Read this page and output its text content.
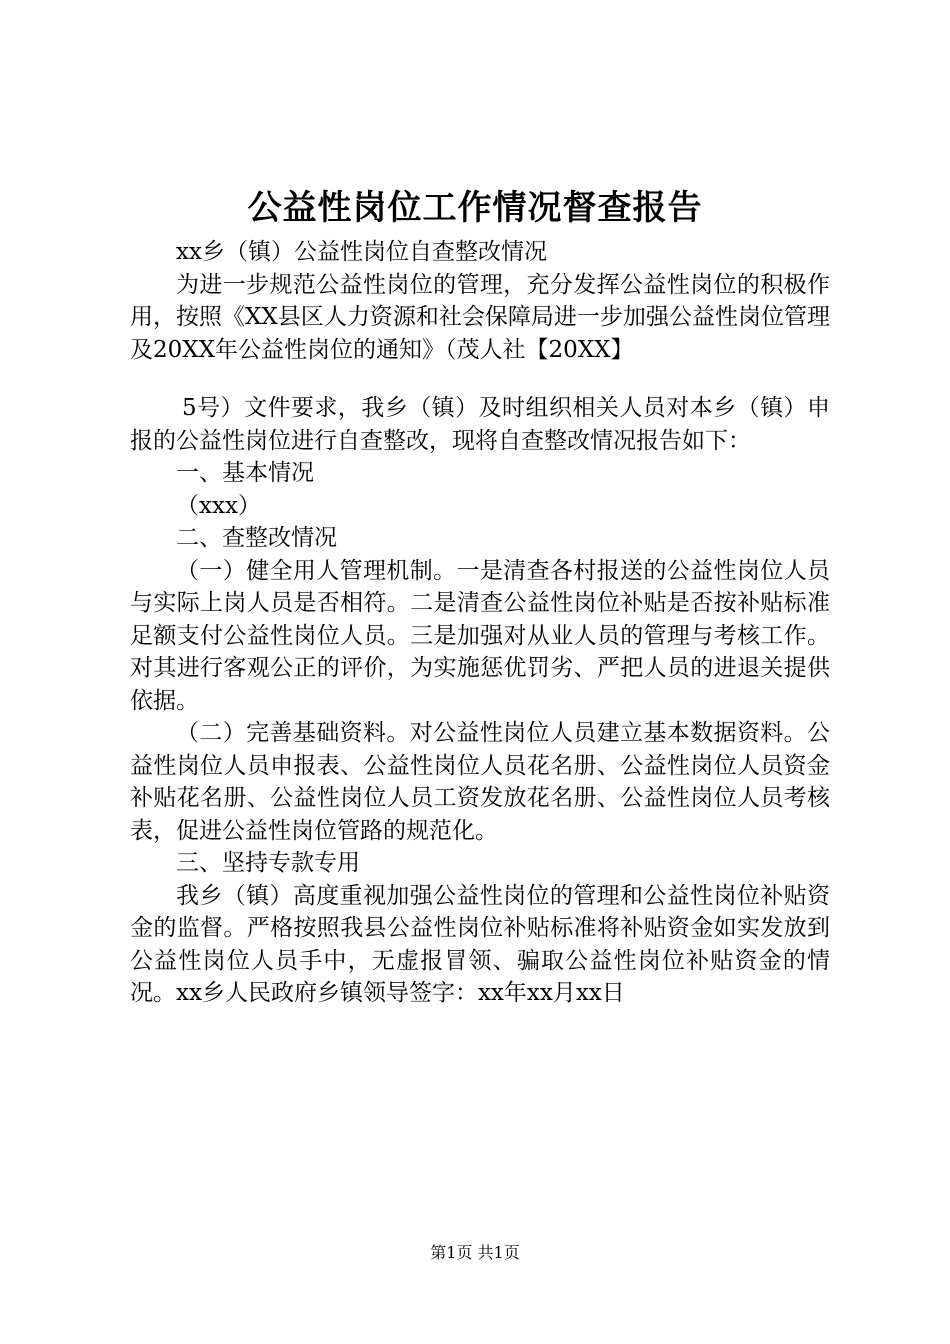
公益性岗位工作情况督查报告

xx乡（镇）公益性岗位自查整改情况

为进一步规范公益性岗位的管理，充分发挥公益性岗位的积极作用，按照《XX县区人力资源和社会保障局进一步加强公益性岗位管理及20XX年公益性岗位的通知》（茂人社【20XX】

5号）文件要求，我乡（镇）及时组织相关人员对本乡（镇）申报的公益性岗位进行自查整改，现将自查整改情况报告如下：

一、基本情况

（xxx）

二、查整改情况

（一）健全用人管理机制。一是清查各村报送的公益性岗位人员与实际上岗人员是否相符。二是清查公益性岗位补贴是否按补贴标准足额支付公益性岗位人员。三是加强对从业人员的管理与考核工作。对其进行客观公正的评价，为实施惩优罚劣、严把人员的进退关提供依据。

（二）完善基础资料。对公益性岗位人员建立基本数据资料。公益性岗位人员申报表、公益性岗位人员花名册、公益性岗位人员资金补贴花名册、公益性岗位人员工资发放花名册、公益性岗位人员考核表，促进公益性岗位管路的规范化。

三、坚持专款专用

我乡（镇）高度重视加强公益性岗位的管理和公益性岗位补贴资金的监督。严格按照我县公益性岗位补贴标准将补贴资金如实发放到公益性岗位人员手中，无虚报冒领、骗取公益性岗位补贴资金的情况。xx乡人民政府乡镇领导签字：xx年xx月xx日

第1页 共1页
